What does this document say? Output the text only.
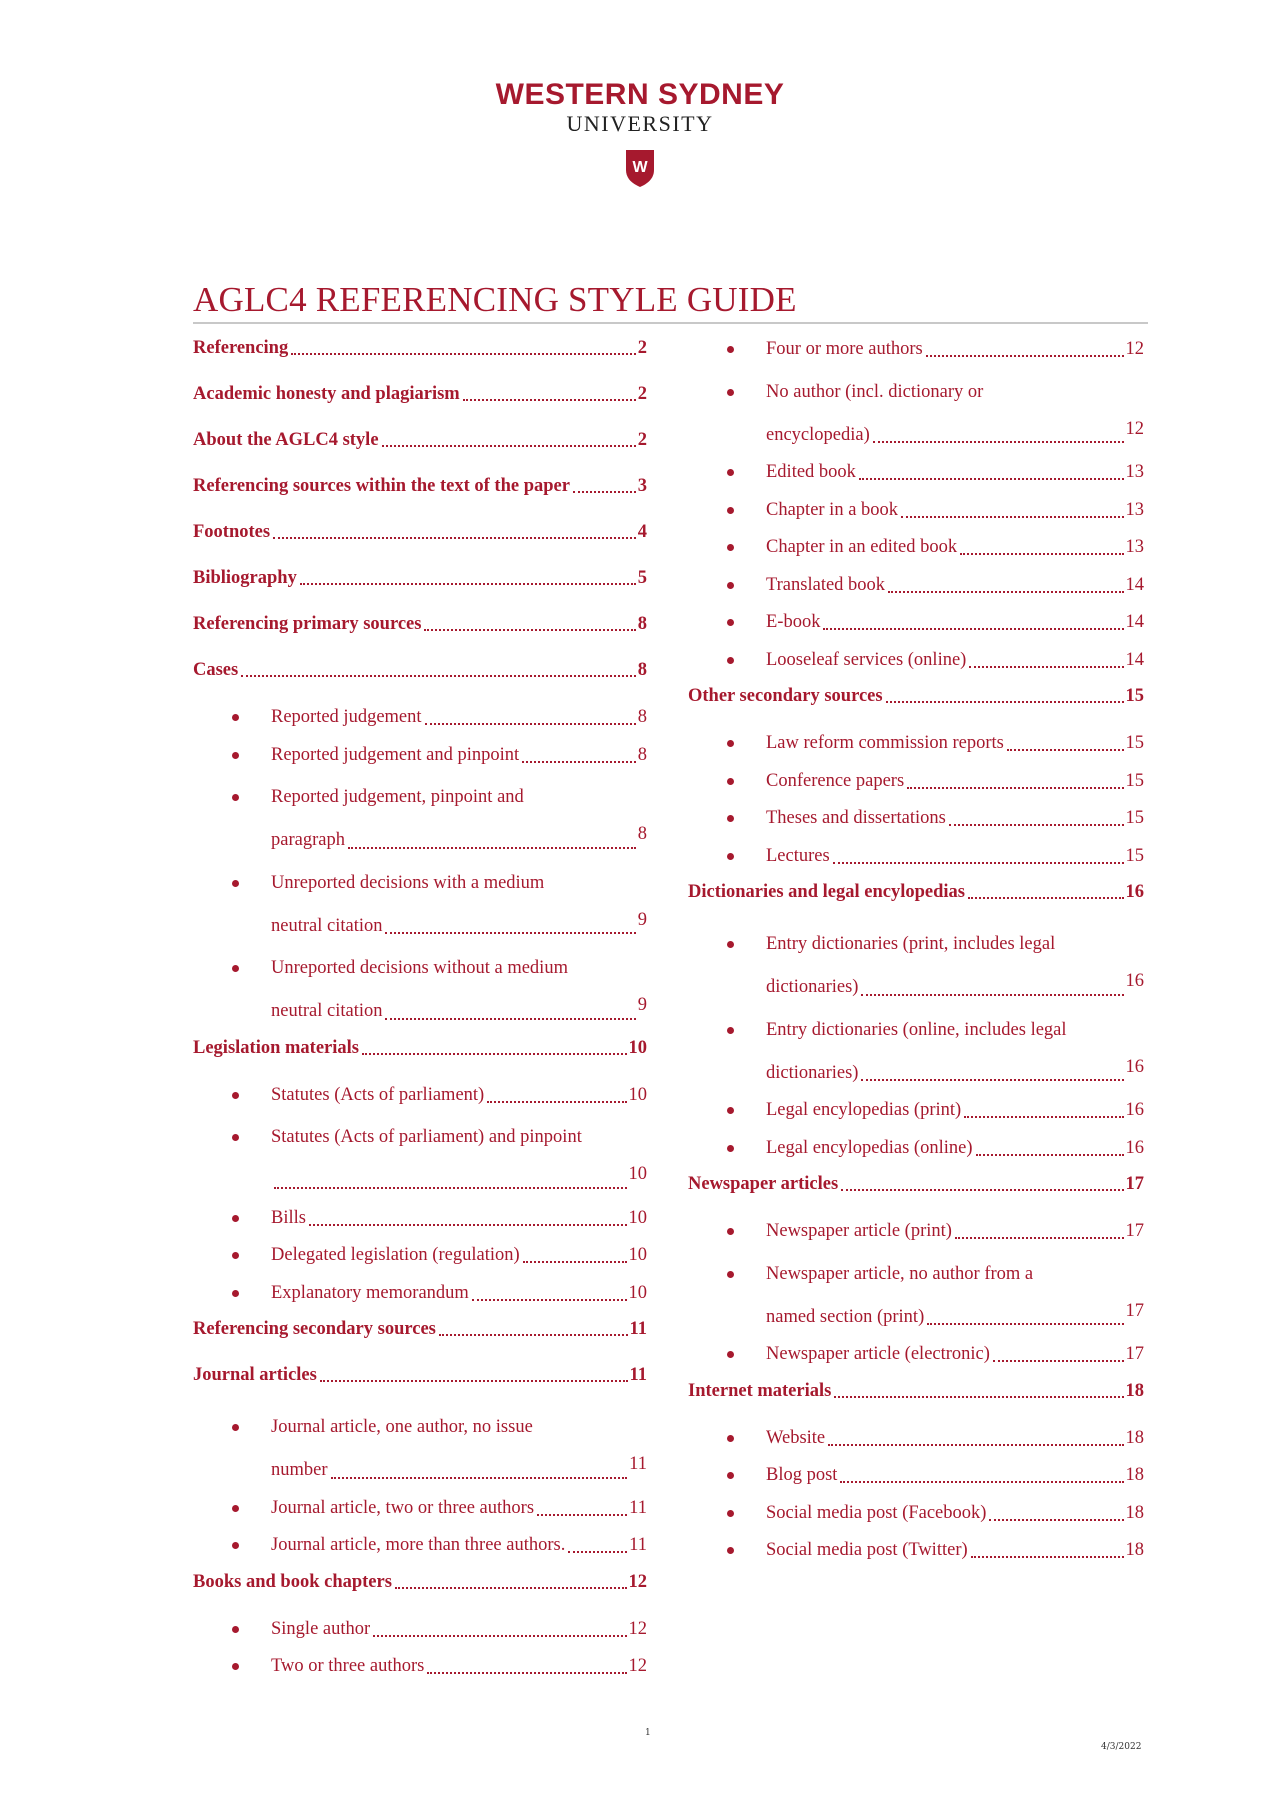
WESTERN SYDNEY
UNIVERSITY
W
AGLC4 REFERENCING STYLE GUIDE
Referencing	2
Academic honesty and plagiarism	2
About the AGLC4 style	2
Referencing sources within the text of the paper	3
Footnotes	4
Bibliography	5
Referencing primary sources	8
Cases	8
Reported judgement	8
Reported judgement and pinpoint	8
Reported judgement, pinpoint and
paragraph	8
Unreported decisions with a medium
neutral citation	9
Unreported decisions without a medium
neutral citation	9
Legislation materials	10
Statutes (Acts of parliament)	10
Statutes (Acts of parliament) and pinpoint
10
Bills	10
Delegated legislation (regulation)	10
Explanatory memorandum	10
Referencing secondary sources	11
Journal articles	11
Journal article, one author, no issue
number	11
Journal article, two or three authors	11
Journal article, more than three authors.	11
Books and book chapters	12
Single author	12
Two or three authors	12
Four or more authors	12
No author (incl. dictionary or
encyclopedia)	12
Edited book	13
Chapter in a book	13
Chapter in an edited book	13
Translated book	14
E-book	14
Looseleaf services (online)	14
Other secondary sources	15
Law reform commission reports	15
Conference papers	15
Theses and dissertations	15
Lectures	15
Dictionaries and legal encylopedias	16
Entry dictionaries (print, includes legal
dictionaries)	16
Entry dictionaries (online, includes legal
dictionaries)	16
Legal encylopedias (print)	16
Legal encylopedias (online)	16
Newspaper articles	17
Newspaper article (print)	17
Newspaper article, no author from a
named section (print)	17
Newspaper article (electronic)	17
Internet materials	18
Website	18
Blog post	18
Social media post (Facebook)	18
Social media post (Twitter)	18
1
4/3/2022
